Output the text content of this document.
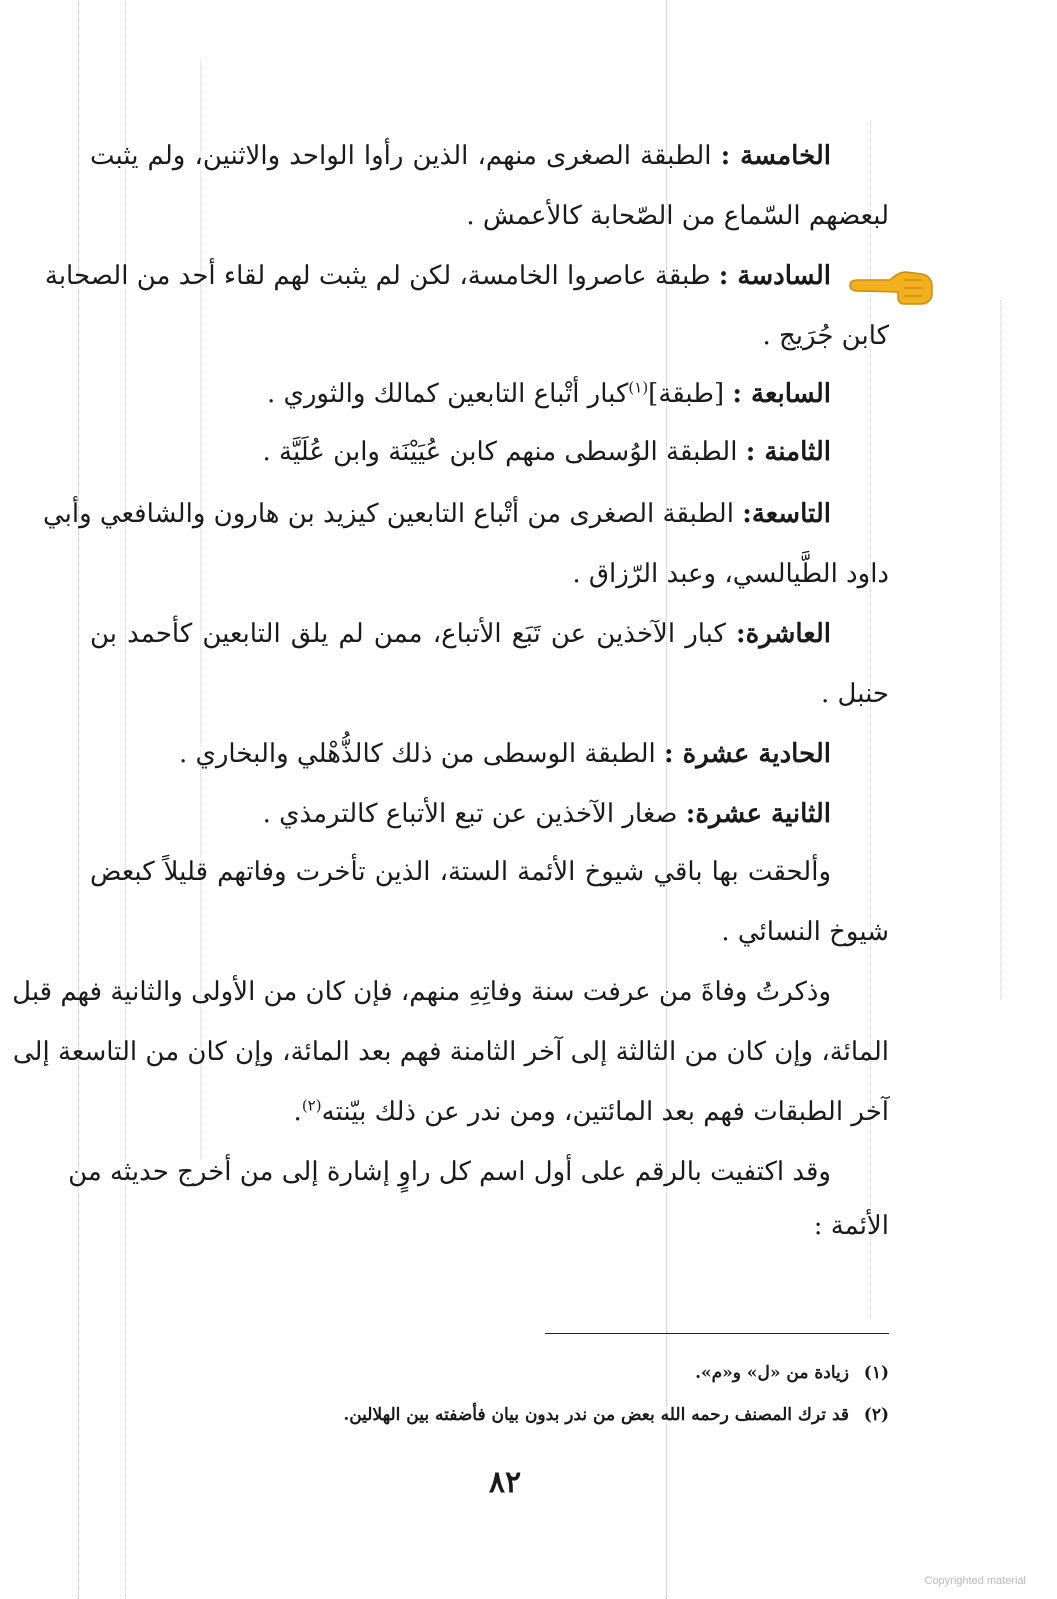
الخامسة : الطبقة الصغرى منهم، الذين رأوا الواحد والاثنين، ولم يثبت
لبعضهم السّماع من الصّحابة كالأعمش .
السادسة : طبقة عاصروا الخامسة، لكن لم يثبت لهم لقاء أحد من الصحابة
كابن جُرَيج .
السابعة : [طبقة]$^{(١)}$كبار أتْباع التابعين كمالك والثوري .
الثامنة : الطبقة الوُسطى منهم كابن عُيَيْنَة وابن عُلَيَّة .
التاسعة: الطبقة الصغرى من أتْباع التابعين كيزيد بن هارون والشافعي وأبي
داود الطَّيالسي، وعبد الرّزاق .
العاشرة: كبار الآخذين عن تَبَع الأتباع، ممن لم يلق التابعين كأحمد بن
حنبل .
الحادية عشرة : الطبقة الوسطى من ذلك كالذُّهْلي والبخاري .
الثانية عشرة: صغار الآخذين عن تبع الأتباع كالترمذي .
وألحقت بها باقي شيوخ الأئمة الستة، الذين تأخرت وفاتهم قليلاً كبعض
شيوخ النسائي .
وذكرتُ وفاةَ من عرفت سنة وفاتِهِ منهم، فإن كان من الأولى والثانية فهم قبل
المائة، وإن كان من الثالثة إلى آخر الثامنة فهم بعد المائة، وإن كان من التاسعة إلى
آخر الطبقات فهم بعد المائتين، ومن ندر عن ذلك بيّنته$^{(٢)}$.
وقد اكتفيت بالرقم على أول اسم كل راوٍ إشارة إلى من أخرج حديثه من
الأئمة :
(١)زيادة من «ل» و«م».
(٢)قد ترك المصنف رحمه الله بعض من ندر بدون بيان فأضفته بين الهلالين.
٨٢
Copyrighted material
